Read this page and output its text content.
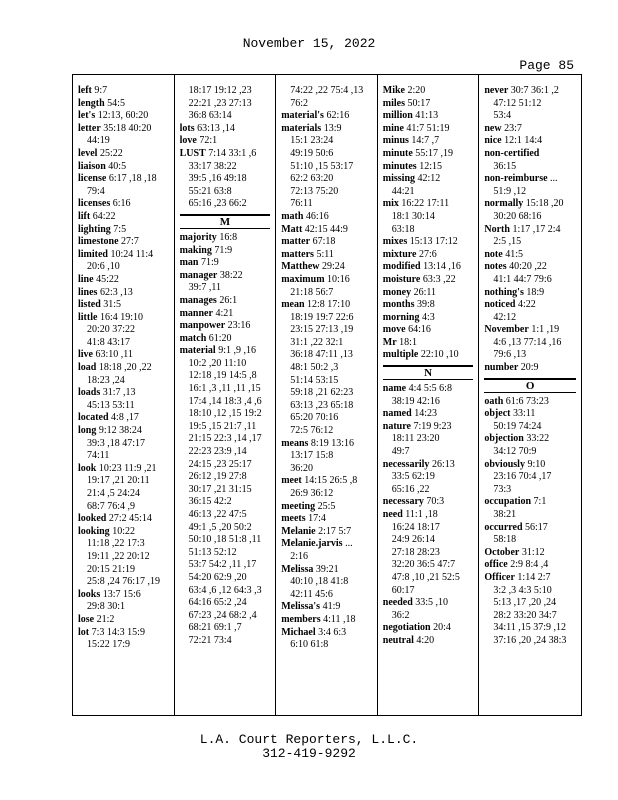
November 15, 2022
Page 85
left 9:7
length 54:5
let's 12:13, 60:20
letter 35:18 40:20
44:19
level 25:22
liaison 40:5
license 6:17 ,18 ,18
79:4
licenses 6:16
lift 64:22
lighting 7:5
limestone 27:7
limited 10:24 11:4
20:6 ,10
line 45:22
lines 62:3 ,13
listed 31:5
little 16:4 19:10
20:20 37:22
41:8 43:17
live 63:10 ,11
load 18:18 ,20 ,22
18:23 ,24
loads 31:7 ,13
45:13 53:11
located 4:8 ,17
long 9:12 38:24
39:3 ,18 47:17
74:11
look 10:23 11:9 ,21
19:17 ,21 20:11
21:4 ,5 24:24
68:7 76:4 ,9
looked 27:2 45:14
looking 10:22
11:18 ,22 17:3
19:11 ,22 20:12
20:15 21:19
25:8 ,24 76:17 ,19
looks 13:7 15:6
29:8 30:1
lose 21:2
lot 7:3 14:3 15:9
15:22 17:9
18:17 19:12 ,23
22:21 ,23 27:13
36:8 63:14
lots 63:13 ,14
love 72:1
LUST 7:14 33:1 ,6
33:17 38:22
39:5 ,16 49:18
55:21 63:8
65:16 ,23 66:2
M
majority 16:8
making 71:9
man 71:9
manager 38:22
39:7 ,11
manages 26:1
manner 4:21
manpower 23:16
match 61:20
material 9:1 ,9 ,16
10:2 ,20 11:10
12:18 ,19 14:5 ,8
16:1 ,3 ,11 ,11 ,15
17:4 ,14 18:3 ,4 ,6
18:10 ,12 ,15 19:2
19:5 ,15 21:7 ,11
21:15 22:3 ,14 ,17
22:23 23:9 ,14
24:15 ,23 25:17
26:12 ,19 27:8
30:17 ,21 31:15
36:15 42:2
46:13 ,22 47:5
49:1 ,5 ,20 50:2
50:10 ,18 51:8 ,11
51:13 52:12
53:7 54:2 ,11 ,17
54:20 62:9 ,20
63:4 ,6 ,12 64:3 ,3
64:16 65:2 ,24
67:23 ,24 68:2 ,4
68:21 69:1 ,7
72:21 73:4
74:22 ,22 75:4 ,13
76:2
material's 62:16
materials 13:9
15:1 23:24
49:19 50:6
51:10 ,15 53:17
62:2 63:20
72:13 75:20
76:11
math 46:16
Matt 42:15 44:9
matter 67:18
matters 5:11
Matthew 29:24
maximum 10:16
21:18 56:7
mean 12:8 17:10
18:19 19:7 22:6
23:15 27:13 ,19
31:1 ,22 32:1
36:18 47:11 ,13
48:1 50:2 ,3
51:14 53:15
59:18 ,21 62:23
63:13 ,23 65:18
65:20 70:16
72:5 76:12
means 8:19 13:16
13:17 15:8
36:20
meet 14:15 26:5 ,8
26:9 36:12
meeting 25:5
meets 17:4
Melanie 2:17 5:7
Melanie.jarvis ...
2:16
Melissa 39:21
40:10 ,18 41:8
42:11 45:6
Melissa's 41:9
members 4:11 ,18
Michael 3:4 6:3
6:10 61:8
Mike 2:20
miles 50:17
million 41:13
mine 41:7 51:19
minus 14:7 ,7
minute 55:17 ,19
minutes 12:15
missing 42:12
44:21
mix 16:22 17:11
18:1 30:14
63:18
mixes 15:13 17:12
mixture 27:6
modified 13:14 ,16
moisture 63:3 ,22
money 26:11
months 39:8
morning 4:3
move 64:16
Mr 18:1
multiple 22:10 ,10
N
name 4:4 5:5 6:8
38:19 42:16
named 14:23
nature 7:19 9:23
18:11 23:20
49:7
necessarily 26:13
33:5 62:19
65:16 ,22
necessary 70:3
need 11:1 ,18
16:24 18:17
24:9 26:14
27:18 28:23
32:20 36:5 47:7
47:8 ,10 ,21 52:5
60:17
needed 33:5 ,10
36:2
negotiation 20:4
neutral 4:20
never 30:7 36:1 ,2
47:12 51:12
53:4
new 23:7
nice 12:1 14:4
non-certified
36:15
non-reimburse ...
51:9 ,12
normally 15:18 ,20
30:20 68:16
North 1:17 ,17 2:4
2:5 ,15
note 41:5
notes 40:20 ,22
41:1 44:7 79:6
nothing's 18:9
noticed 4:22
42:12
November 1:1 ,19
4:6 ,13 77:14 ,16
79:6 ,13
number 20:9
O
oath 61:6 73:23
object 33:11
50:19 74:24
objection 33:22
34:12 70:9
obviously 9:10
23:16 70:4 ,17
73:3
occupation 7:1
38:21
occurred 56:17
58:18
October 31:12
office 2:9 8:4 ,4
Officer 1:14 2:7
3:2 ,3 4:3 5:10
5:13 ,17 ,20 ,24
28:2 33:20 34:7
34:11 ,15 37:9 ,12
37:16 ,20 ,24 38:3
L.A. Court Reporters, L.L.C.
312-419-9292
